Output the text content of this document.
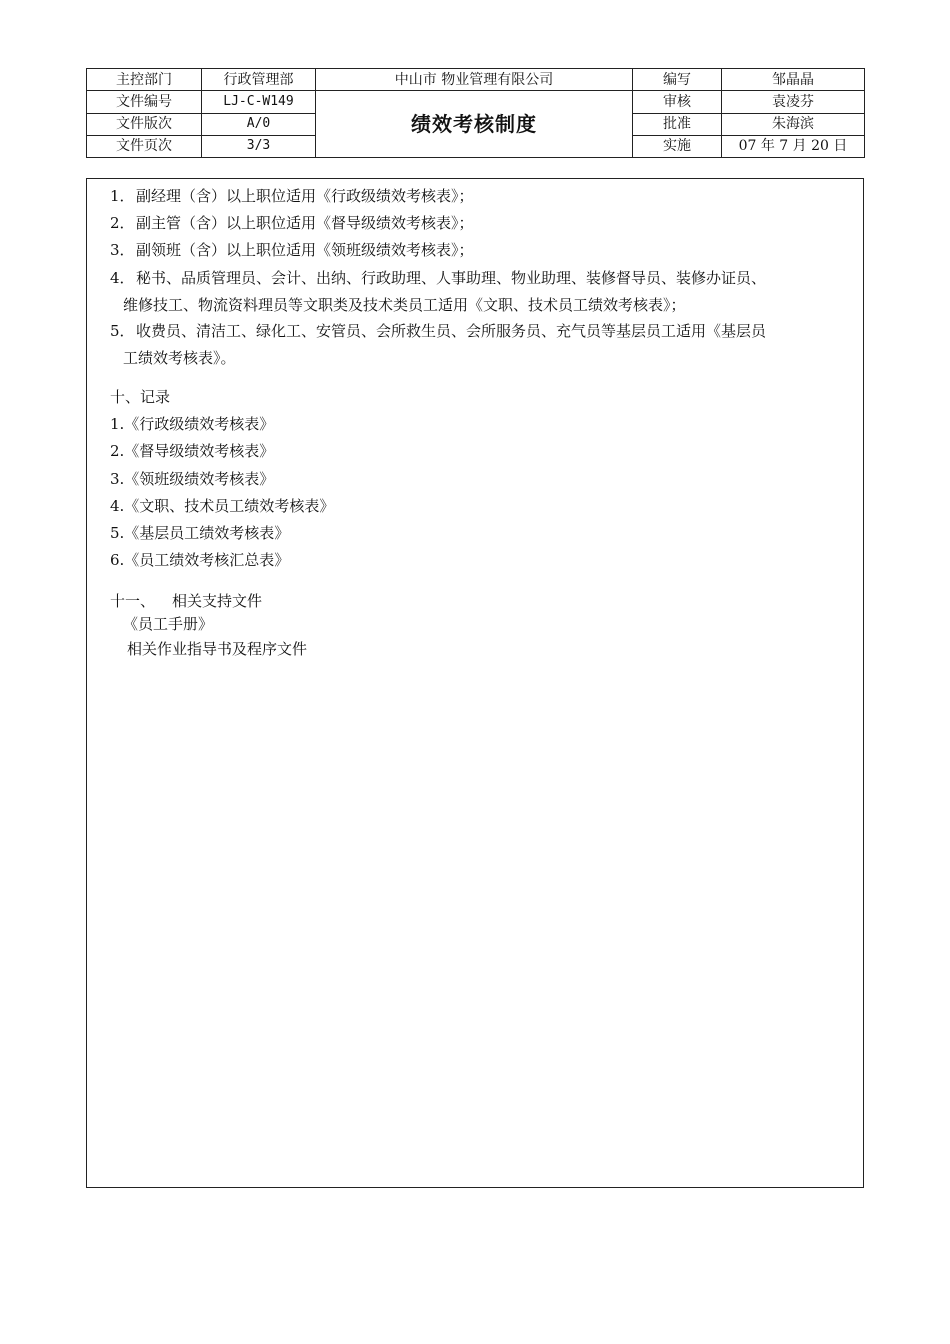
主控部门	行政管理部	中山市 物业管理有限公司	编写	邹晶晶
文件编号	LJ-C-W149	绩效考核制度	审核	袁凌芬
文件版次	A/0		批准	朱海滨
文件页次	3/3		实施	07 年 7 月 20 日
1． 副经理（含）以上职位适用《行政级绩效考核表》；
2． 副主管（含）以上职位适用《督导级绩效考核表》；
3． 副领班（含）以上职位适用《领班级绩效考核表》；
4． 秘书、品质管理员、会计、出纳、行政助理、人事助理、物业助理、装修督导员、装修办证员、
维修技工、物流资料理员等文职类及技术类员工适用《文职、技术员工绩效考核表》；
5． 收费员、清洁工、绿化工、安管员、会所救生员、会所服务员、充气员等基层员工适用《基层员
工绩效考核表》。
十、记录
1.《行政级绩效考核表》
2.《督导级绩效考核表》
3.《领班级绩效考核表》
4.《文职、技术员工绩效考核表》
5.《基层员工绩效考核表》
6.《员工绩效考核汇总表》
十一、 相关支持文件
《员工手册》
相关作业指导书及程序文件
